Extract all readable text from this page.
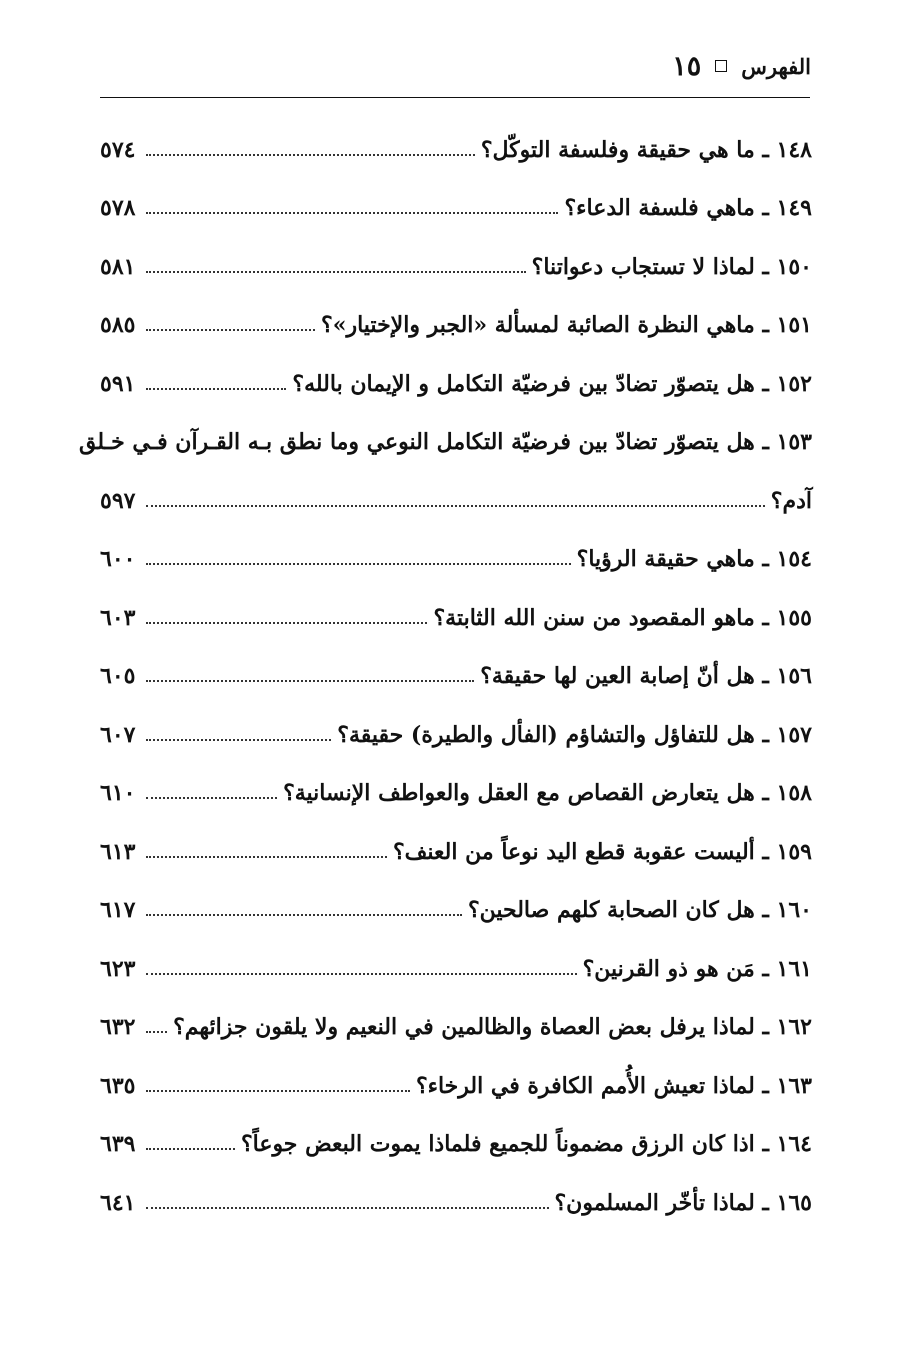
الفهرس
١٥
١٤٨ ـ ما هي حقيقة وفلسفة التوكّل؟
٥٧٤
١٤٩ ـ ماهي فلسفة الدعاء؟
٥٧٨
١٥٠ ـ لماذا لا تستجاب دعواتنا؟
٥٨١
١٥١ ـ ماهي النظرة الصائبة لمسألة «الجبر والإختيار»؟
٥٨٥
١٥٢ ـ هل يتصوّر تضادّ بين فرضيّة التكامل و الإيمان بالله؟
٥٩١
١٥٣ ـ هل يتصوّر تضادّ بين فرضيّة التكامل النوعي وما نطق بـه القـرآن فـي خـلق
آدم؟
٥٩٧
١٥٤ ـ ماهي حقيقة الرؤيا؟
٦٠٠
١٥٥ ـ ماهو المقصود من سنن الله الثابتة؟
٦٠٣
١٥٦ ـ هل أنّ إصابة العين لها حقيقة؟
٦٠٥
١٥٧ ـ هل للتفاؤل والتشاؤم (الفأل والطيرة) حقيقة؟
٦٠٧
١٥٨ ـ هل يتعارض القصاص مع العقل والعواطف الإنسانية؟
٦١٠
١٥٩ ـ أليست عقوبة قطع اليد نوعاً من العنف؟
٦١٣
١٦٠ ـ هل كان الصحابة كلهم صالحين؟
٦١٧
١٦١ ـ مَن هو ذو القرنين؟
٦٢٣
١٦٢ ـ لماذا يرفل بعض العصاة والظالمين في النعيم ولا يلقون جزائهم؟
٦٣٢
١٦٣ ـ لماذا تعيش الأُمم الكافرة في الرخاء؟
٦٣٥
١٦٤ ـ اذا كان الرزق مضموناً للجميع فلماذا يموت البعض جوعاً؟
٦٣٩
١٦٥ ـ لماذا تأخّر المسلمون؟
٦٤١
